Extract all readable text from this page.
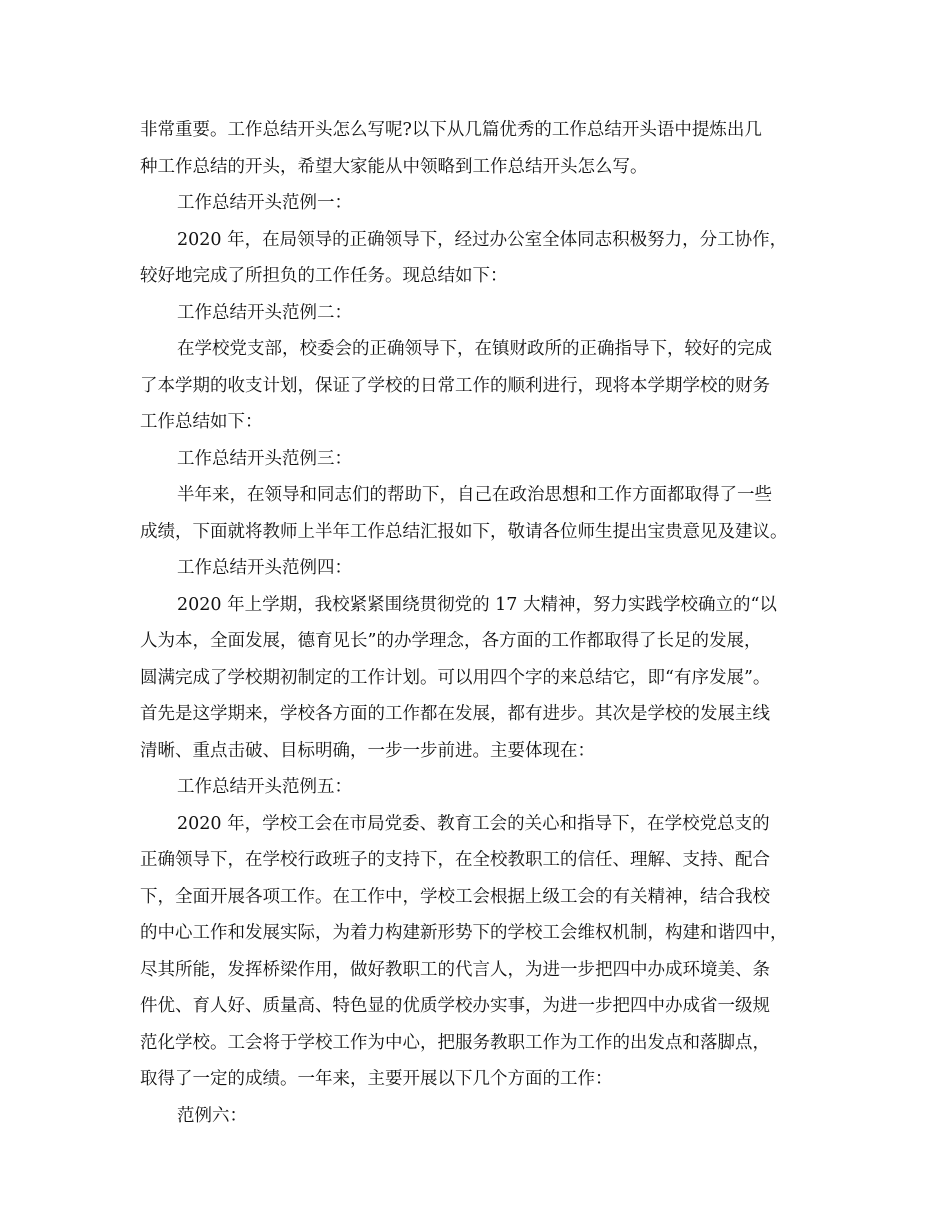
非常重要。工作总结开头怎么写呢?以下从几篇优秀的工作总结开头语中提炼出几
种工作总结的开头，希望大家能从中领略到工作总结开头怎么写。
工作总结开头范例一：
2020 年，在局领导的正确领导下，经过办公室全体同志积极努力，分工协作，
较好地完成了所担负的工作任务。现总结如下：
工作总结开头范例二：
在学校党支部，校委会的正确领导下，在镇财政所的正确指导下，较好的完成
了本学期的收支计划，保证了学校的日常工作的顺利进行，现将本学期学校的财务
工作总结如下：
工作总结开头范例三：
半年来，在领导和同志们的帮助下，自己在政治思想和工作方面都取得了一些
成绩，下面就将教师上半年工作总结汇报如下，敬请各位师生提出宝贵意见及建议。
工作总结开头范例四：
2020 年上学期，我校紧紧围绕贯彻党的 17 大精神，努力实践学校确立的“以
人为本，全面发展，德育见长”的办学理念，各方面的工作都取得了长足的发展，
圆满完成了学校期初制定的工作计划。可以用四个字的来总结它，即“有序发展”。
首先是这学期来，学校各方面的工作都在发展，都有进步。其次是学校的发展主线
清晰、重点击破、目标明确，一步一步前进。主要体现在：
工作总结开头范例五：
2020 年，学校工会在市局党委、教育工会的关心和指导下，在学校党总支的
正确领导下，在学校行政班子的支持下，在全校教职工的信任、理解、支持、配合
下，全面开展各项工作。在工作中，学校工会根据上级工会的有关精神，结合我校
的中心工作和发展实际，为着力构建新形势下的学校工会维权机制，构建和谐四中，
尽其所能，发挥桥梁作用，做好教职工的代言人，为进一步把四中办成环境美、条
件优、育人好、质量高、特色显的优质学校办实事，为进一步把四中办成省一级规
范化学校。工会将于学校工作为中心，把服务教职工作为工作的出发点和落脚点，
取得了一定的成绩。一年来，主要开展以下几个方面的工作：
范例六：
